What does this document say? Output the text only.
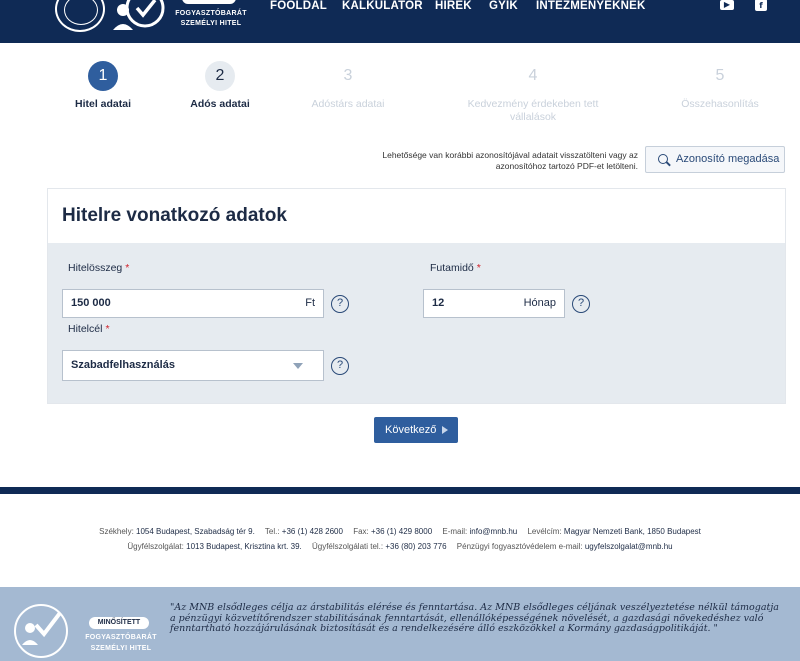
FOGYASZTÓBARÁT
SZEMÉLYI HITEL
FOOLDAL KALKULATOR HIREK GYIK INTEZMENYEKNEK	▶	f
1
Hitel adatai
2
Adós adatai
3
Adóstárs adatai
4
Kedvezmény érdekeben tett
vállalások
5
Összehasonlítás
Lehetősége van korábbi azonosítójával adatait visszatölteni vagy az azonosítóhoz tartozó PDF-et letölteni.
Azonosító megadása
Hitelre vonatkozó adatok
Hitelösszeg *
150 000	Ft	?
Futamidő *
12	Hónap	?
Hitelcél *
Szabadfelhasználás	?
Következő
Székhely: 1054 Budapest, Szabadság tér 9. Tel.: +36 (1) 428 2600 Fax: +36 (1) 429 8000 E-mail: info@mnb.hu Levélcím: Magyar Nemzeti Bank, 1850 Budapest
Ügyfélszolgálat: 1013 Budapest, Krisztina krt. 39. Ügyfélszolgálati tel.: +36 (80) 203 776 Pénzügyi fogyasztóvédelem e-mail: ugyfelszolgalat@mnb.hu
MINŐSÍTETT
FOGYASZTÓBARÁT
SZEMÉLYI HITEL
"Az MNB elsődleges célja az árstabilitás elérése és fenntartása. Az MNB elsődleges céljának veszélyeztetése nélkül támogatja a pénzügyi közvetítőrendszer stabilitásának fenntartását, ellenállóképességének növelését, a gazdasági növekedéshez való fenntartható hozzájárulásának biztosítását és a rendelkezésére álló eszközökkel a Kormány gazdaságpolitikáját. "
